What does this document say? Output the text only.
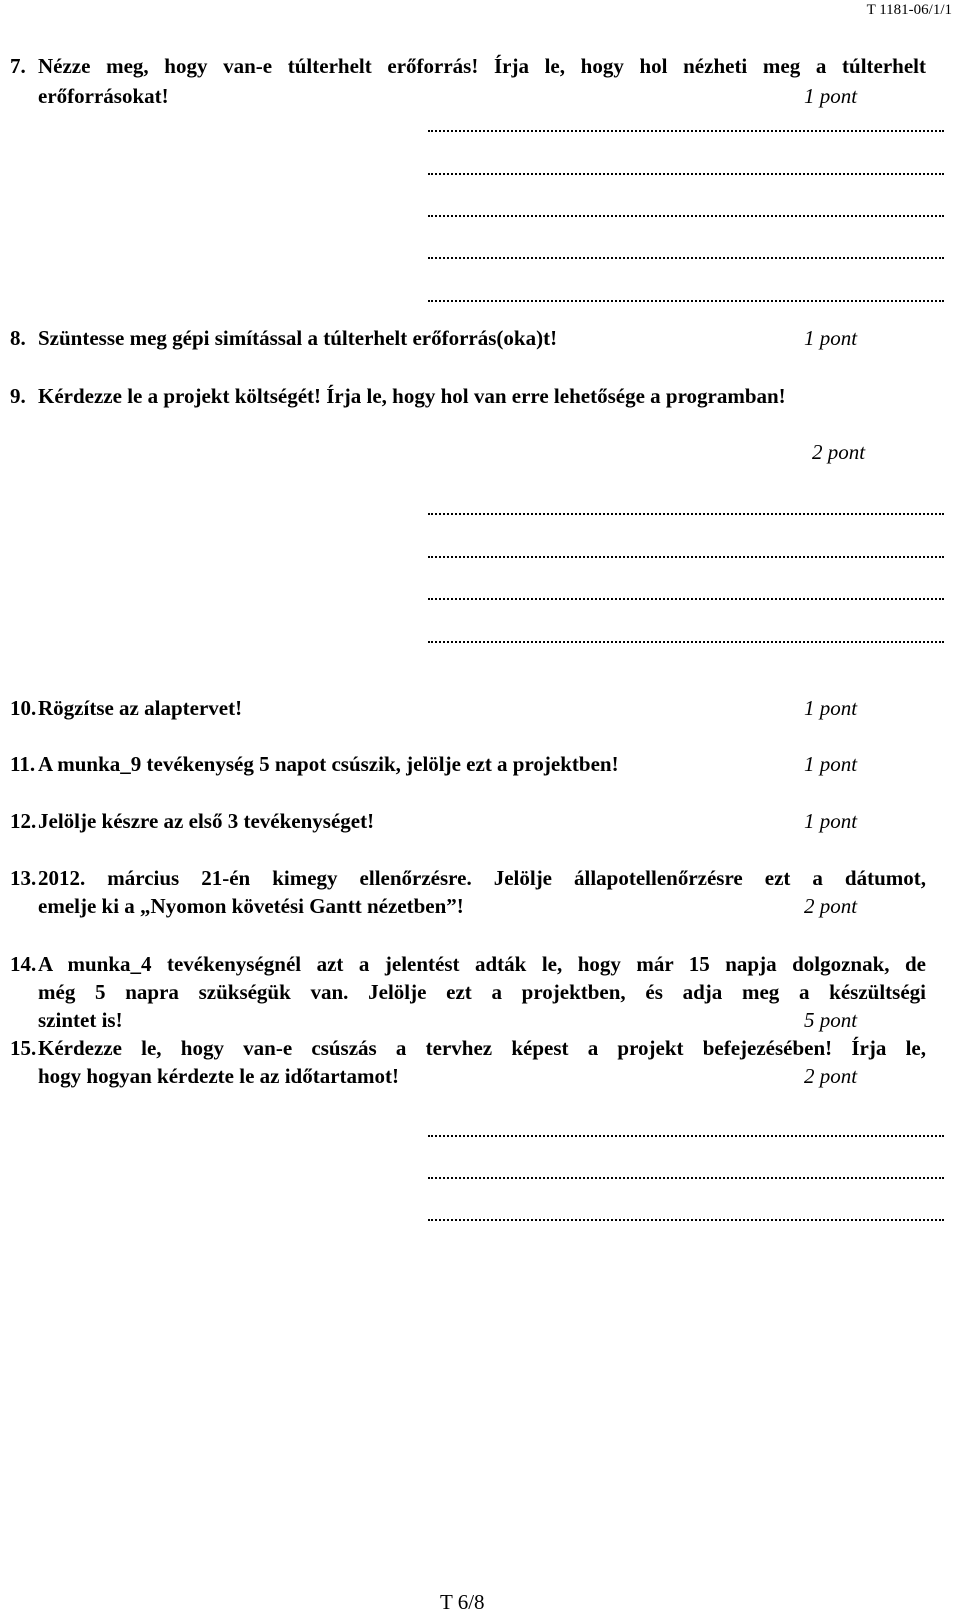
T 1181-06/1/1
7. Nézze meg, hogy van-e túlterhelt erőforrás! Írja le, hogy hol nézheti meg a túlterhelt
erőforrásokat!	1 pont
8. Szüntesse meg gépi simítással a túlterhelt erőforrás(oka)t!	1 pont
9. Kérdezze le a projekt költségét! Írja le, hogy hol van erre lehetősége a programban!
2 pont
10. Rögzítse az alaptervet!	1 pont
11. A munka_9 tevékenység 5 napot csúszik, jelölje ezt a projektben!	1 pont
12. Jelölje készre az első 3 tevékenységet!	1 pont
13. 2012. március 21-én kimegy ellenőrzésre. Jelölje állapotellenőrzésre ezt a dátumot,
emelje ki a „Nyomon követési Gantt nézetben”!	2 pont
14. A munka_4 tevékenységnél azt a jelentést adták le, hogy már 15 napja dolgoznak, de
még 5 napra szükségük van. Jelölje ezt a projektben, és adja meg a készültségi
szintet is!	5 pont
15. Kérdezze le, hogy van-e csúszás a tervhez képest a projekt befejezésében! Írja le,
hogy hogyan kérdezte le az időtartamot!	2 pont
T 6/8
